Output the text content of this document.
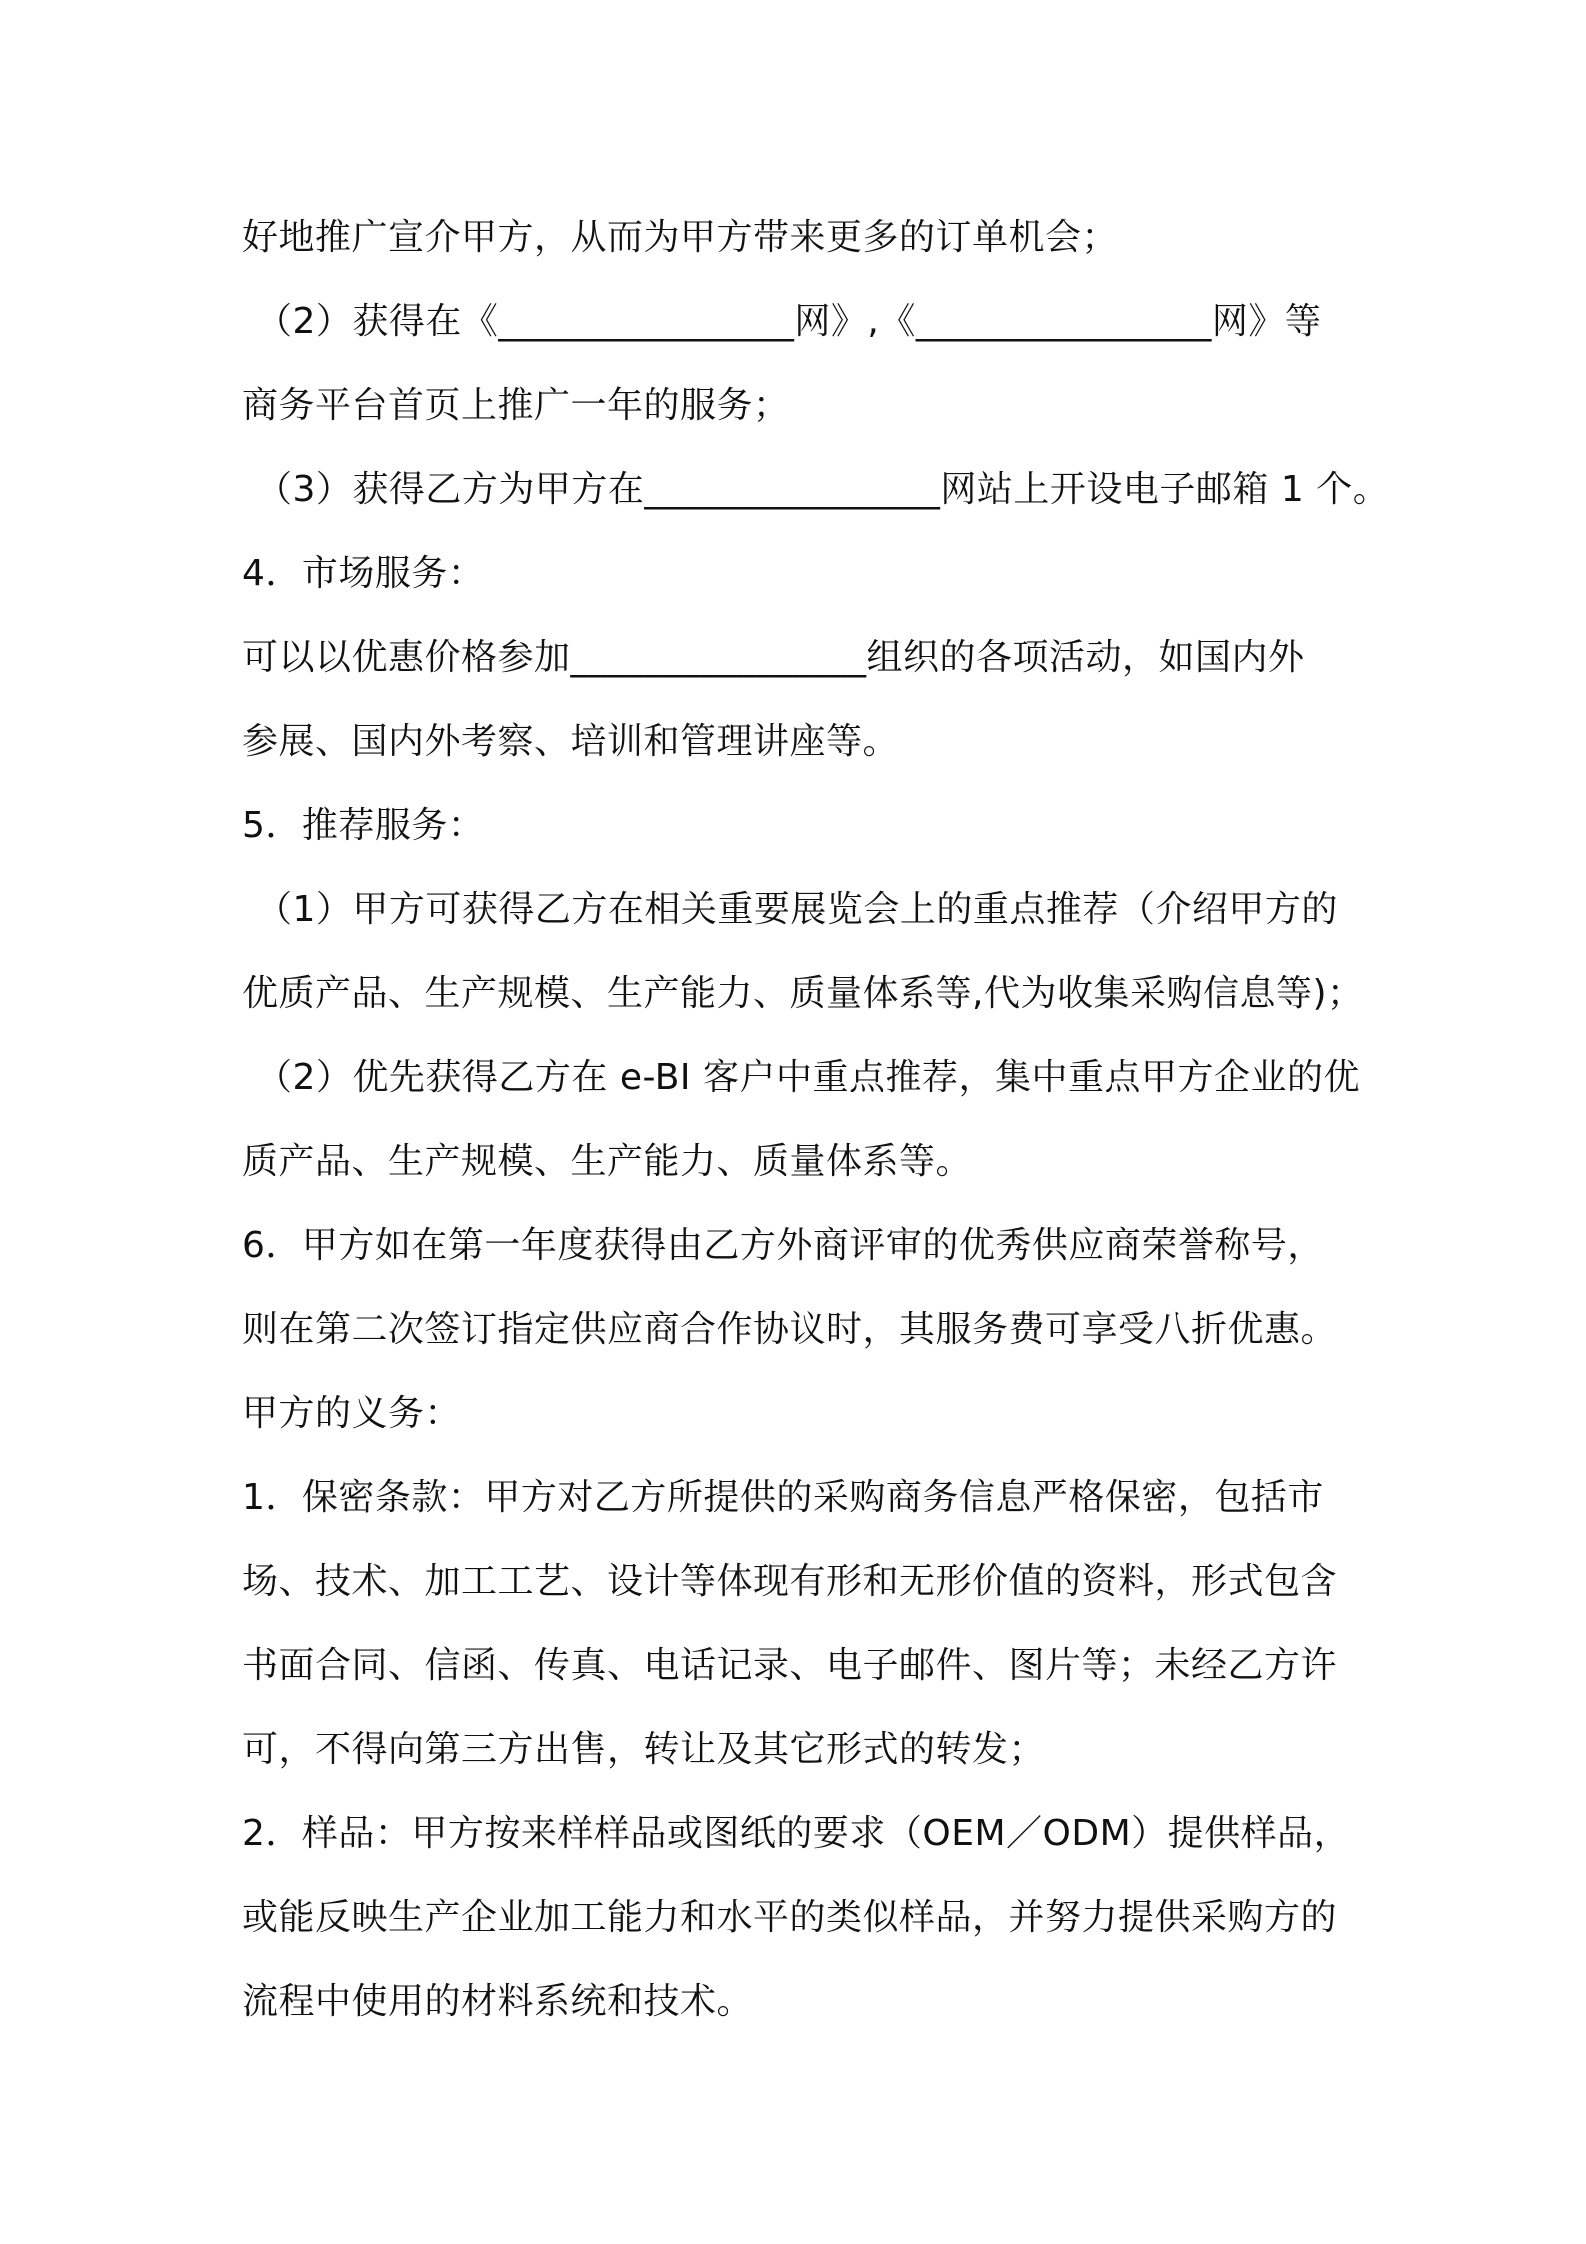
好地推广宣介甲方，从而为甲方带来更多的订单机会；
（2）获得在《________________网》,《________________网》等
商务平台首页上推广一年的服务；
（3）获得乙方为甲方在________________网站上开设电子邮箱 1 个。
4．市场服务：
可以以优惠价格参加________________组织的各项活动，如国内外
参展、国内外考察、培训和管理讲座等。
5．推荐服务：
（1）甲方可获得乙方在相关重要展览会上的重点推荐（介绍甲方的
优质产品、生产规模、生产能力、质量体系等,代为收集采购信息等)；
（2）优先获得乙方在 e-BI 客户中重点推荐，集中重点甲方企业的优
质产品、生产规模、生产能力、质量体系等。
6．甲方如在第一年度获得由乙方外商评审的优秀供应商荣誉称号，
则在第二次签订指定供应商合作协议时，其服务费可享受八折优惠。
甲方的义务：
1．保密条款：甲方对乙方所提供的采购商务信息严格保密，包括市
场、技术、加工工艺、设计等体现有形和无形价值的资料，形式包含
书面合同、信函、传真、电话记录、电子邮件、图片等；未经乙方许
可，不得向第三方出售，转让及其它形式的转发；
2．样品：甲方按来样样品或图纸的要求（OEM／ODM）提供样品，
或能反映生产企业加工能力和水平的类似样品，并努力提供采购方的
流程中使用的材料系统和技术。
